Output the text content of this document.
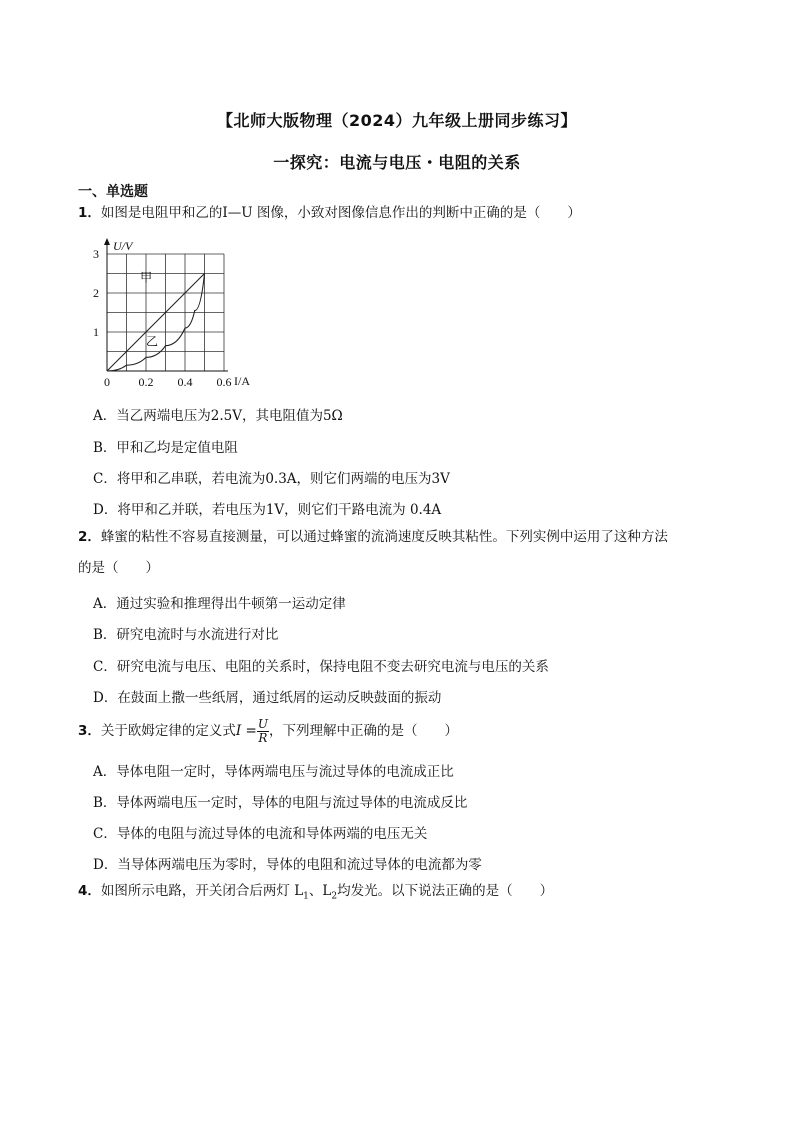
【北师大版物理（2024）九年级上册同步练习】
一探究：电流与电压・电阻的关系
一、单选题
1．如图是电阻甲和乙的I—U 图像，小致对图像信息作出的判断中正确的是（　　）
U/V
I/A
0 0.2 0.4 0.6
1
2
3
甲
乙
A．当乙两端电压为2.5V，其电阻值为5Ω
B．甲和乙均是定值电阻
C．将甲和乙串联，若电流为0.3A，则它们两端的电压为3V
D．将甲和乙并联，若电压为1V，则它们干路电流为 0.4A
2．蜂蜜的粘性不容易直接测量，可以通过蜂蜜的流淌速度反映其粘性。下列实例中运用了这种方法
的是（　　）
A．通过实验和推理得出牛顿第一运动定律
B．研究电流时与水流进行对比
C．研究电流与电压、电阻的关系时，保持电阻不变去研究电流与电压的关系
D．在鼓面上撒一些纸屑，通过纸屑的运动反映鼓面的振动
3．关于欧姆定律的定义式$I = \frac{U}{R}$ ，下列理解中正确的是（　　）
A．导体电阻一定时，导体两端电压与流过导体的电流成正比
B．导体两端电压一定时，导体的电阻与流过导体的电流成反比
C．导体的电阻与流过导体的电流和导体两端的电压无关
D．当导体两端电压为零时，导体的电阻和流过导体的电流都为零
4．如图所示电路，开关闭合后两灯 $L_1$、$L_2$均发光。以下说法正确的是（　　）
